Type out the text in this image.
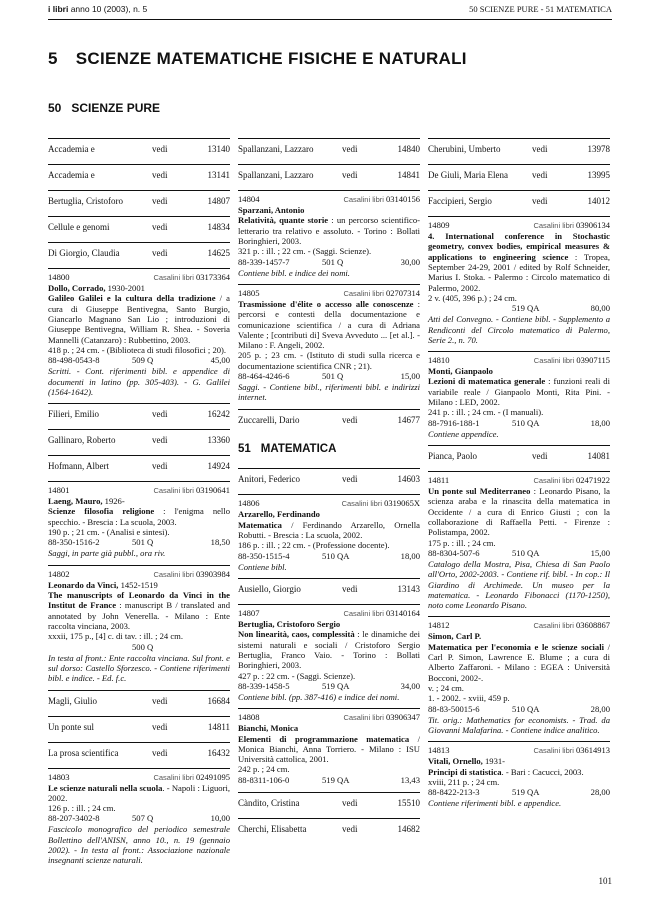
i libri anno 10 (2003), n. 5	50 SCIENZE PURE - 51 MATEMATICA
5 SCIENZE MATEMATICHE FISICHE E NATURALI
50 SCIENZE PURE
Accademia e	vedi	13140
Accademia e	vedi	13141
Bertuglia, Cristoforo	vedi	14807
Cellule e genomi	vedi	14834
Di Giorgio, Claudia	vedi	14625
14800	Casalini libri 03173364
Dollo, Corrado, 1930-2001
Galileo Galilei e la cultura della tradizione / a cura di Giuseppe Bentivegna, Santo Burgio, Giancarlo Magnano San Lio ; introduzioni di Giuseppe Bentivegna, William R. Shea. - Soveria Mannelli (Catanzaro) : Rubbettino, 2003.
418 p. ; 24 cm. - (Biblioteca di studi filosofici ; 20).
88-498-0543-8	509 Q	45,00
Scritti. - Cont. riferimenti bibl. e appendice di documenti in latino (pp. 305-403). - G. Galilei (1564-1642).
Filieri, Emilio	vedi	16242
Gallinaro, Roberto	vedi	13360
Hofmann, Albert	vedi	14924
14801	Casalini libri 03190641
Laeng, Mauro, 1926-
Scienze filosofia religione : l'enigma nello specchio. - Brescia : La scuola, 2003.
190 p. ; 21 cm. - (Analisi e sintesi).
88-350-1516-2	501 Q	18,50
Saggi, in parte già pubbl., ora riv.
14802	Casalini libri 03903984
Leonardo da Vinci, 1452-1519
The manuscripts of Leonardo da Vinci in the Institut de France : manuscript B / translated and annotated by John Venerella. - Milano : Ente raccolta vinciana, 2003.
xxxii, 175 p., [4] c. di tav. : ill. ; 24 cm.
500 Q
In testa al front.: Ente raccolta vinciana. Sul front. e sul dorso: Castello Sforzesco. - Contiene riferimenti bibl. e indice. - Ed. f.c.
Magli, Giulio	vedi	16684
Un ponte sul	vedi	14811
La prosa scientifica	vedi	16432
14803	Casalini libri 02491095
Le scienze naturali nella scuola. - Napoli : Liguori, 2002.
126 p. : ill. ; 24 cm.
88-207-3402-8	507 Q	10,00
Fascicolo monografico del periodico semestrale Bollettino dell'ANISN, anno 10., n. 19 (gennaio 2002). - In testa al front.: Associazione nazionale insegnanti scienze naturali.
Spallanzani, Lazzaro	vedi	14840
Spallanzani, Lazzaro	vedi	14841
14804	Casalini libri 03140156
Sparzani, Antonio
Relatività, quante storie : un percorso scientifico-letterario tra relativo e assoluto. - Torino : Bollati Boringhieri, 2003.
321 p. : ill. ; 22 cm. - (Saggi. Scienze).
88-339-1457-7	501 Q	30,00
Contiene bibl. e indice dei nomi.
14805	Casalini libri 02707314
Trasmissione d'élite o accesso alle conoscenze : percorsi e contesti della documentazione e comunicazione scientifica / a cura di Adriana Valente ; [contributi di] Sveva Avveduto ... [et al.]. - Milano : F. Angeli, 2002.
205 p. ; 23 cm. - (Istituto di studi sulla ricerca e documentazione scientifica CNR ; 21).
88-464-4246-6	501 Q	15,00
Saggi. - Contiene bibl., riferimenti bibl. e indirizzi internet.
Zuccarelli, Dario	vedi	14677
51 MATEMATICA
Anitori, Federico	vedi	14603
14806	Casalini libri 0319065X
Arzarello, Ferdinando
Matematica / Ferdinando Arzarello, Ornella Robutti. - Brescia : La scuola, 2002.
186 p. : ill. ; 22 cm. - (Professione docente).
88-350-1515-4	510 QA	18,00
Contiene bibl.
Ausiello, Giorgio	vedi	13143
14807	Casalini libri 03140164
Bertuglia, Cristoforo Sergio
Non linearità, caos, complessità : le dinamiche dei sistemi naturali e sociali / Cristoforo Sergio Bertuglia, Franco Vaio. - Torino : Bollati Boringhieri, 2003.
427 p. : 22 cm. - (Saggi. Scienze).
88-339-1458-5	519 QA	34,00
Contiene bibl. (pp. 387-416) e indice dei nomi.
14808	Casalini libri 03906347
Bianchi, Monica
Elementi di programmazione matematica / Monica Bianchi, Anna Torriero. - Milano : ISU Università cattolica, 2001.
242 p. ; 24 cm.
88-8311-106-0	519 QA	13,43
Càndito, Cristina	vedi	15510
Cherchi, Elisabetta	vedi	14682
Cherubini, Umberto	vedi	13978
De Giuli, Maria Elena	vedi	13995
Faccipieri, Sergio	vedi	14012
14809	Casalini libri 03906134
4. International conference in Stochastic geometry, convex bodies, empirical measures & applications to engineering science : Tropea, September 24-29, 2001 / edited by Rolf Schneider, Marius I. Stoka. - Palermo : Circolo matematico di Palermo, 2002.
2 v. (405, 396 p.) ; 24 cm.
519 QA	80,00
Atti del Convegno. - Contiene bibl. - Supplemento a Rendiconti del Circolo matematico di Palermo, Serie 2., n. 70.
14810	Casalini libri 03907115
Monti, Gianpaolo
Lezioni di matematica generale : funzioni reali di variabile reale / Gianpaolo Monti, Rita Pini. - Milano : LED, 2002.
241 p. : ill. ; 24 cm. - (I manuali).
88-7916-188-1	510 QA	18,00
Contiene appendice.
Pianca, Paolo	vedi	14081
14811	Casalini libri 02471922
Un ponte sul Mediterraneo : Leonardo Pisano, la scienza araba e la rinascita della matematica in Occidente / a cura di Enrico Giusti ; con la collaborazione di Raffaella Petti. - Firenze : Polistampa, 2002.
175 p. : ill. ; 24 cm.
88-8304-507-6	510 QA	15,00
Catalogo della Mostra, Pisa, Chiesa di San Paolo all'Orto, 2002-2003. - Contiene rif. bibl. - In cop.: Il Giardino di Archimede. Un museo per la matematica. - Leonardo Fibonacci (1170-1250), noto come Leonardo Pisano.
14812	Casalini libri 03608867
Simon, Carl P.
Matematica per l'economia e le scienze sociali / Carl P. Simon, Lawrence E. Blume ; a cura di Alberto Zaffaroni. - Milano : EGEA : Università Bocconi, 2002-.
v. ; 24 cm.
1. - 2002. - xviii, 459 p.
88-83-50015-6	510 QA	28,00
Tit. orig.: Mathematics for economists. - Trad. da Giovanni Malafarina. - Contiene indice analitico.
14813	Casalini libri 03614913
Vitali, Ornello, 1931-
Principi di statistica. - Bari : Cacucci, 2003.
xviii, 211 p. ; 24 cm.
88-8422-213-3	519 QA	28,00
Contiene riferimenti bibl. e appendice.
101
